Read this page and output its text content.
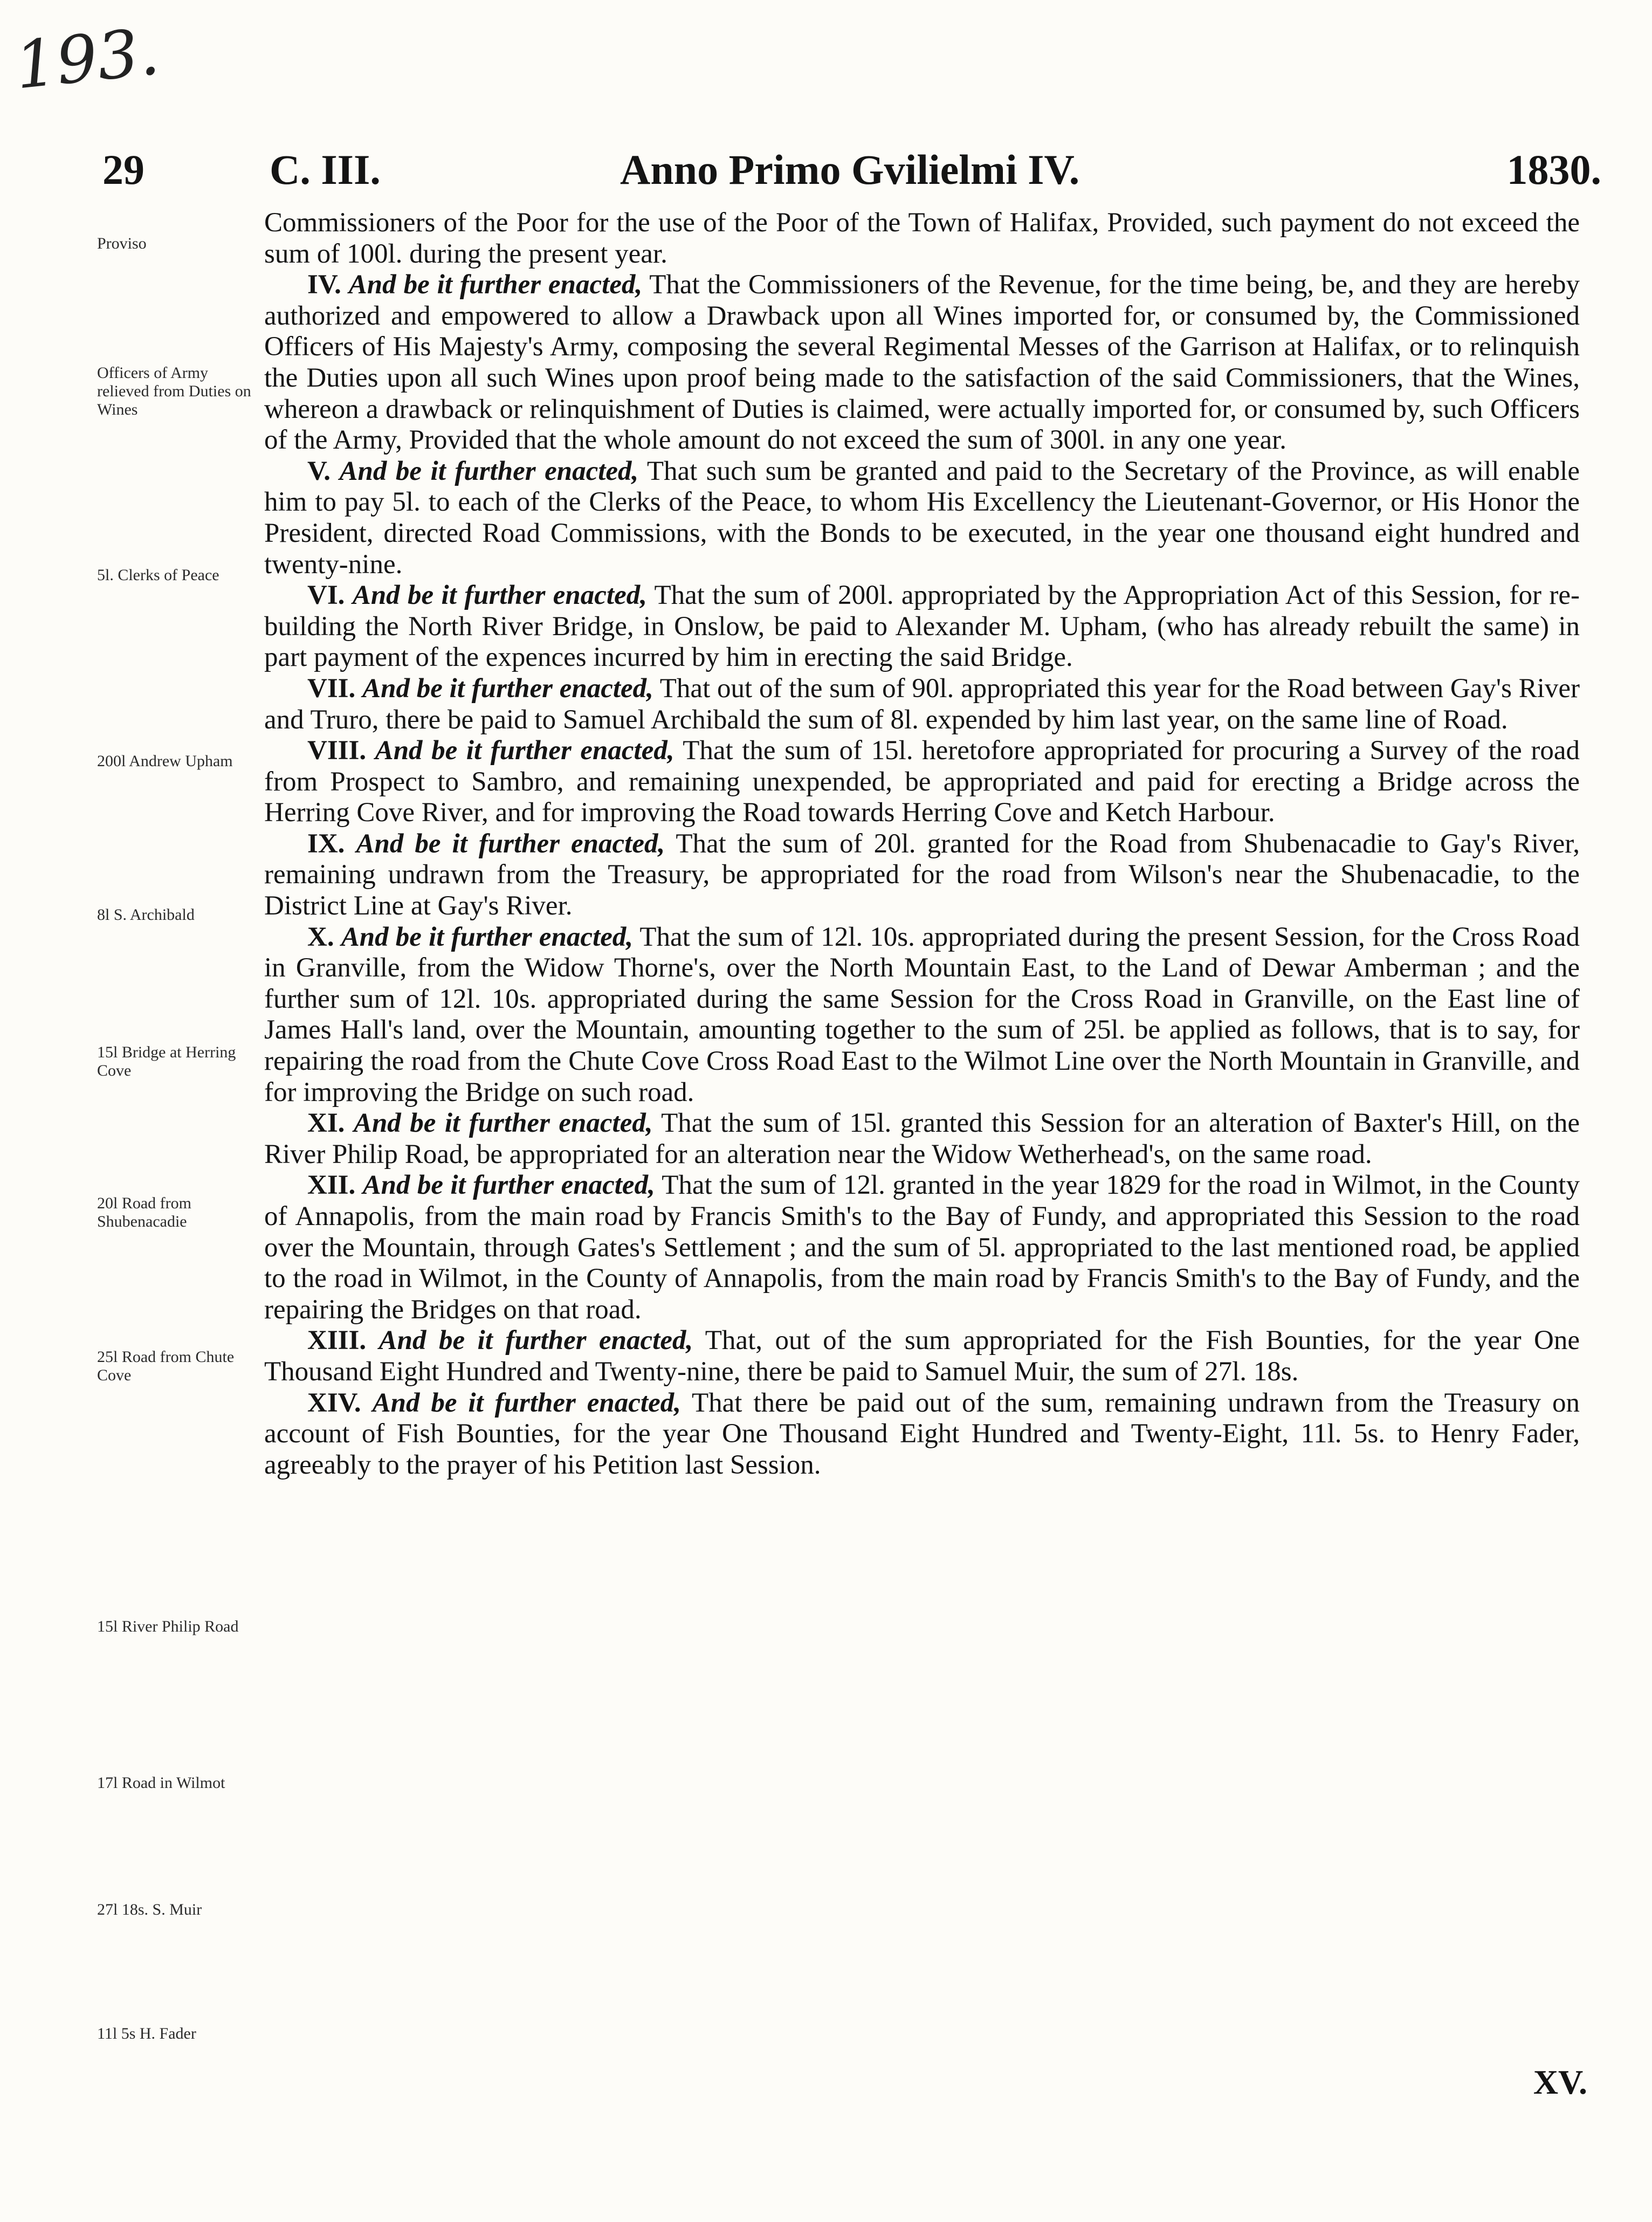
193.
29	C. III.	Anno Primo Gvilielmi IV.	1830.
Proviso
Officers of Army relieved from Duties on Wines
5l. Clerks of Peace
200l Andrew Upham
8l S. Archibald
15l Bridge at Herring Cove
20l Road from Shubenacadie
25l Road from Chute Cove
15l River Philip Road
17l Road in Wilmot
27l 18s. S. Muir
11l 5s H. Fader

Commissioners of the Poor for the use of the Poor of the Town of Halifax, Provided, such payment do not exceed the sum of 100l. during the present year.

IV. And be it further enacted, That the Commissioners of the Revenue, for the time being, be, and they are hereby authorized and empowered to allow a Drawback upon all Wines imported for, or consumed by, the Commissioned Officers of His Majesty's Army, composing the several Regimental Messes of the Garrison at Halifax, or to relinquish the Duties upon all such Wines upon proof being made to the satisfaction of the said Commissioners, that the Wines, whereon a drawback or relinquishment of Duties is claimed, were actually imported for, or consumed by, such Officers of the Army, Provided that the whole amount do not exceed the sum of 300l. in any one year.

V. And be it further enacted, That such sum be granted and paid to the Secretary of the Province, as will enable him to pay 5l. to each of the Clerks of the Peace, to whom His Excellency the Lieutenant-Governor, or His Honor the President, directed Road Commissions, with the Bonds to be executed, in the year one thousand eight hundred and twenty-nine.

VI. And be it further enacted, That the sum of 200l. appropriated by the Appropriation Act of this Session, for re-building the North River Bridge, in Onslow, be paid to Alexander M. Upham, (who has already rebuilt the same) in part payment of the expences incurred by him in erecting the said Bridge.

VII. And be it further enacted, That out of the sum of 90l. appropriated this year for the Road between Gay's River and Truro, there be paid to Samuel Archibald the sum of 8l. expended by him last year, on the same line of Road.

VIII. And be it further enacted, That the sum of 15l. heretofore appropriated for procuring a Survey of the road from Prospect to Sambro, and remaining unexpended, be appropriated and paid for erecting a Bridge across the Herring Cove River, and for improving the Road towards Herring Cove and Ketch Harbour.

IX. And be it further enacted, That the sum of 20l. granted for the Road from Shubenacadie to Gay's River, remaining undrawn from the Treasury, be appropriated for the road from Wilson's near the Shubenacadie, to the District Line at Gay's River.

X. And be it further enacted, That the sum of 12l. 10s. appropriated during the present Session, for the Cross Road in Granville, from the Widow Thorne's, over the North Mountain East, to the Land of Dewar Amberman ; and the further sum of 12l. 10s. appropriated during the same Session for the Cross Road in Granville, on the East line of James Hall's land, over the Mountain, amounting together to the sum of 25l. be applied as follows, that is to say, for repairing the road from the Chute Cove Cross Road East to the Wilmot Line over the North Mountain in Granville, and for improving the Bridge on such road.

XI. And be it further enacted, That the sum of 15l. granted this Session for an alteration of Baxter's Hill, on the River Philip Road, be appropriated for an alteration near the Widow Wetherhead's, on the same road.

XII. And be it further enacted, That the sum of 12l. granted in the year 1829 for the road in Wilmot, in the County of Annapolis, from the main road by Francis Smith's to the Bay of Fundy, and appropriated this Session to the road over the Mountain, through Gates's Settlement ; and the sum of 5l. appropriated to the last mentioned road, be applied to the road in Wilmot, in the County of Annapolis, from the main road by Francis Smith's to the Bay of Fundy, and the repairing the Bridges on that road.

XIII. And be it further enacted, That, out of the sum appropriated for the Fish Bounties, for the year One Thousand Eight Hundred and Twenty-nine, there be paid to Samuel Muir, the sum of 27l. 18s.

XIV. And be it further enacted, That there be paid out of the sum, remaining undrawn from the Treasury on account of Fish Bounties, for the year One Thousand Eight Hundred and Twenty-Eight, 11l. 5s. to Henry Fader, agreeably to the prayer of his Petition last Session.

XV.
